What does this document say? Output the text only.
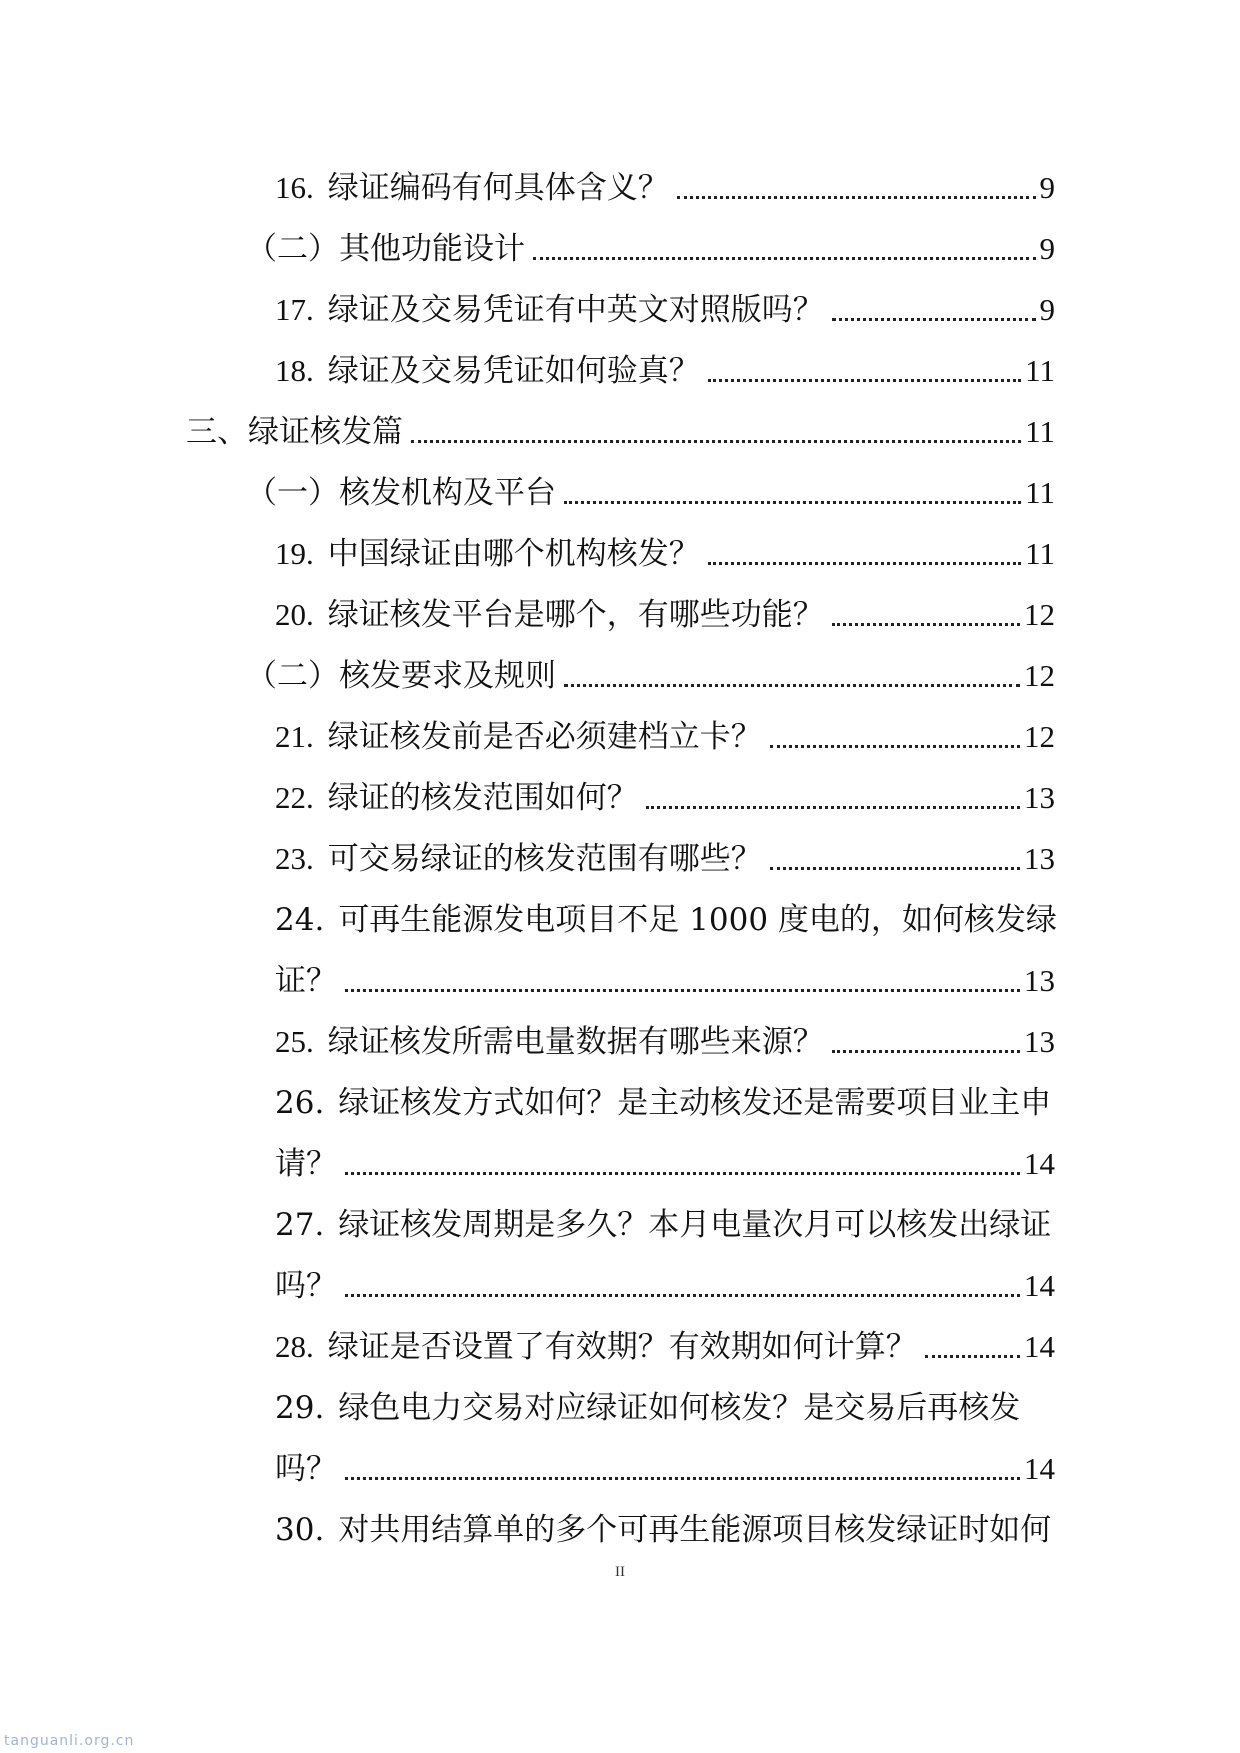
16. 绿证编码有何具体含义？	9
（二）其他功能设计	9
17. 绿证及交易凭证有中英文对照版吗？	9
18. 绿证及交易凭证如何验真？	11
三、绿证核发篇	11
（一）核发机构及平台	11
19. 中国绿证由哪个机构核发？	11
20. 绿证核发平台是哪个，有哪些功能？	12
（二）核发要求及规则	12
21. 绿证核发前是否必须建档立卡？	12
22. 绿证的核发范围如何？	13
23. 可交易绿证的核发范围有哪些？	13
24. 可再生能源发电项目不足 1000 度电的，如何核发绿
证？	13
25. 绿证核发所需电量数据有哪些来源？	13
26. 绿证核发方式如何？是主动核发还是需要项目业主申
请？	14
27. 绿证核发周期是多久？本月电量次月可以核发出绿证
吗？	14
28. 绿证是否设置了有效期？有效期如何计算？	14
29. 绿色电力交易对应绿证如何核发？是交易后再核发
吗？	14
30. 对共用结算单的多个可再生能源项目核发绿证时如何
II
tanguanli.org.cn
